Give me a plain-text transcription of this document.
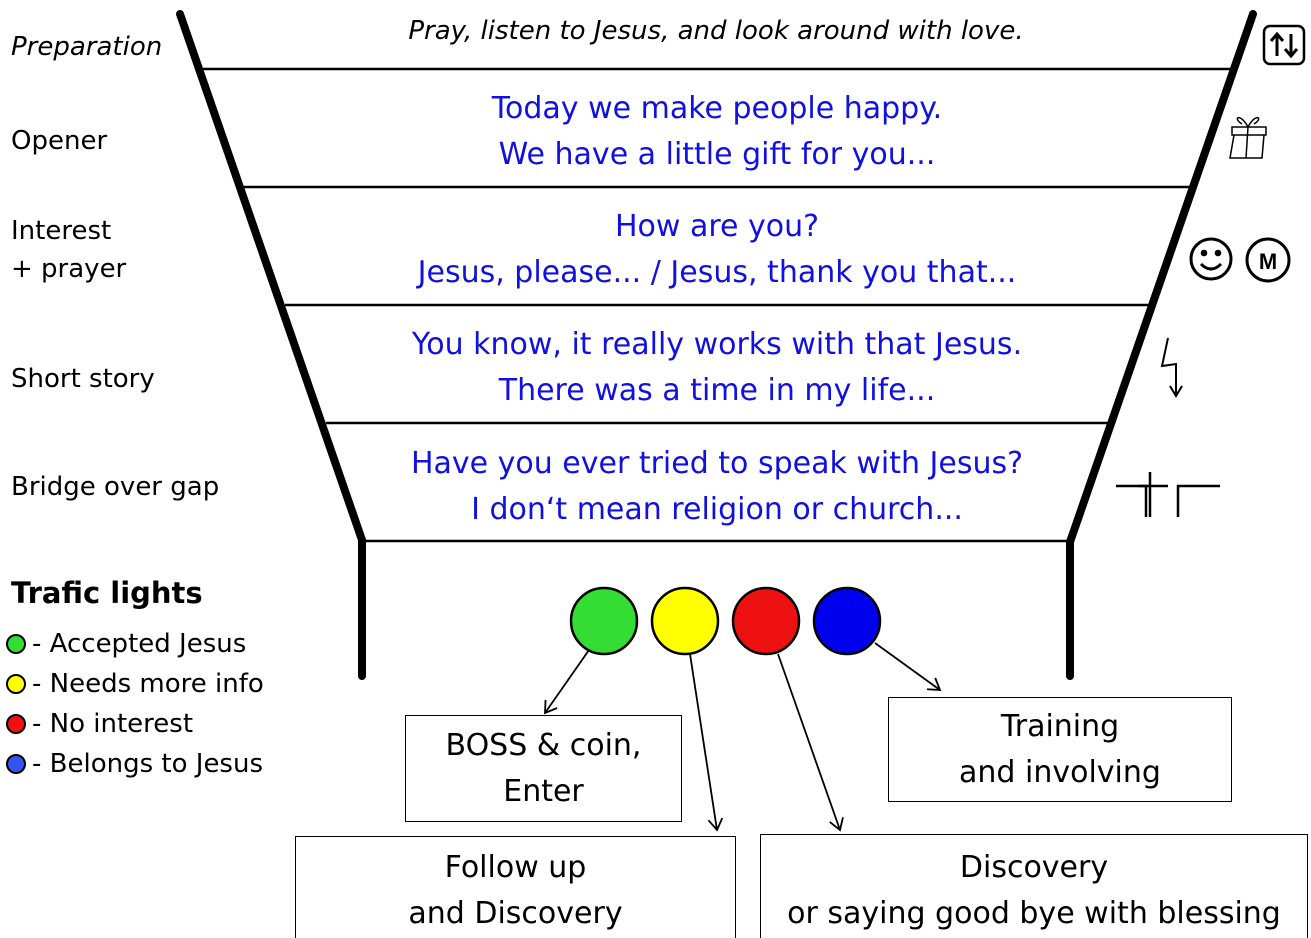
M
Preparation
Opener
Interest
+ prayer
Short story
Bridge over gap
Pray, listen to Jesus, and look around with love.
Today we make people happy.
We have a little gift for you...
How are you?
Jesus, please... / Jesus, thank you that...
You know, it really works with that Jesus.
There was a time in my life...
Have you ever tried to speak with Jesus?
I don‘t mean religion or church...
Trafic lights
- Accepted Jesus
- Needs more info
- No interest
- Belongs to Jesus
BOSS & coin,
Enter
Training
and involving
Follow up
and Discovery
Discovery
or saying good bye with blessing
